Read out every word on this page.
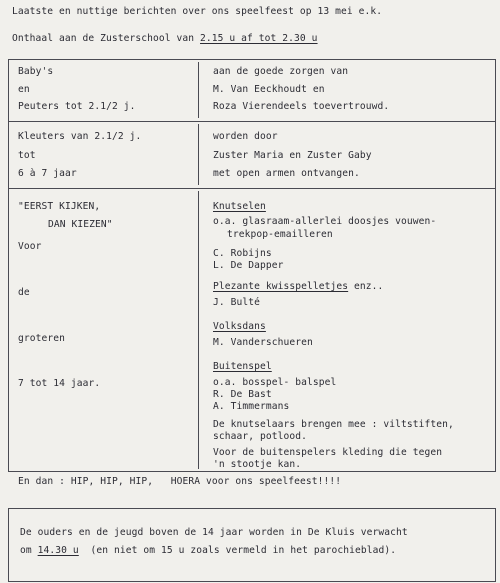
Laatste en nuttige berichten over ons speelfeest op 13 mei e.k.
Onthaal aan de Zusterschool van 2.15 u af tot 2.30 u
Baby's
en
Peuters tot 2.1/2 j.
aan de goede zorgen van
M. Van Eeckhoudt en
Roza Vierendeels toevertrouwd.
Kleuters van 2.1/2 j.
tot
6 à 7 jaar
worden door
Zuster Maria en Zuster Gaby
met open armen ontvangen.
"EERST KIJKEN,
DAN KIEZEN"
Voor
de
groteren
7 tot 14 jaar.
Knutselen
o.a. glasraam-allerlei doosjes vouwen-
trekpop-emailleren
C. Robijns
L. De Dapper
Plezante kwisspelletjes enz..
J. Bulté
Volksdans
M. Vanderschueren
Buitenspel
o.a. bosspel- balspel
R. De Bast
A. Timmermans
De knutselaars brengen mee : viltstiften,
schaar, potlood.
Voor de buitenspelers kleding die tegen
'n stootje kan.
En dan : HIP, HIP, HIP,   HOERA voor ons speelfeest!!!!
De ouders en de jeugd boven de 14 jaar worden in De Kluis verwacht
om 14.30 u  (en niet om 15 u zoals vermeld in het parochieblad).
